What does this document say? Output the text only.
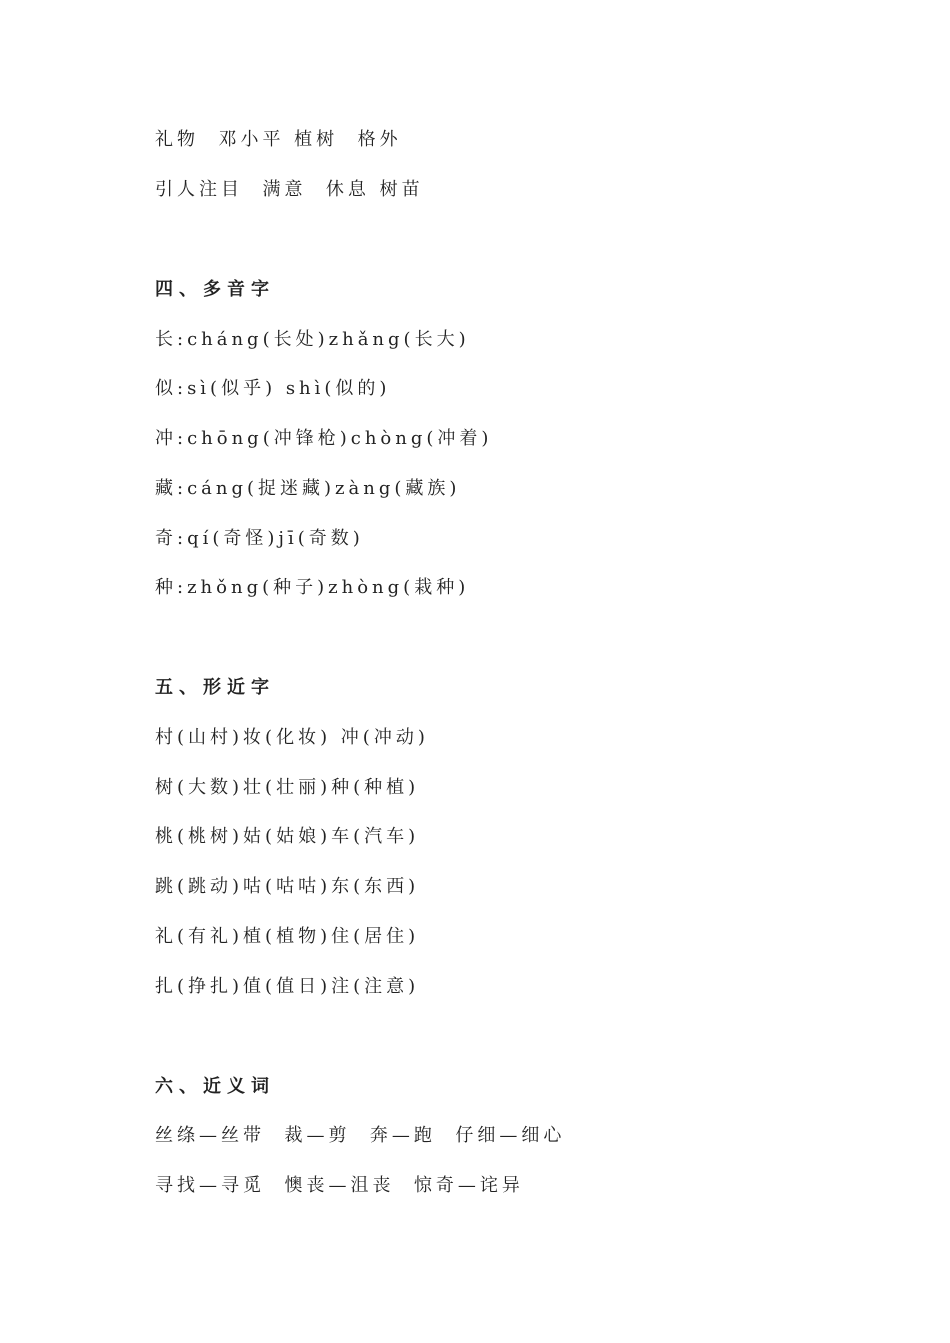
礼物  邓小平 植树  格外
引人注目  满意  休息 树苗
四、多音字
长:cháng(长处)zhǎng(长大)
似:sì(似乎) shì(似的)
冲:chōng(冲锋枪)chòng(冲着)
藏:cáng(捉迷藏)zàng(藏族)
奇:qí(奇怪)jī(奇数)
种:zhǒng(种子)zhòng(栽种)
五、形近字
村(山村)妆(化妆) 冲(冲动)
树(大数)壮(壮丽)种(种植)
桃(桃树)姑(姑娘)车(汽车)
跳(跳动)咕(咕咕)东(东西)
礼(有礼)植(植物)住(居住)
扎(挣扎)值(值日)注(注意)
六、近义词
丝绦—丝带  裁—剪  奔—跑  仔细—细心
寻找—寻觅  懊丧—沮丧  惊奇—诧异
